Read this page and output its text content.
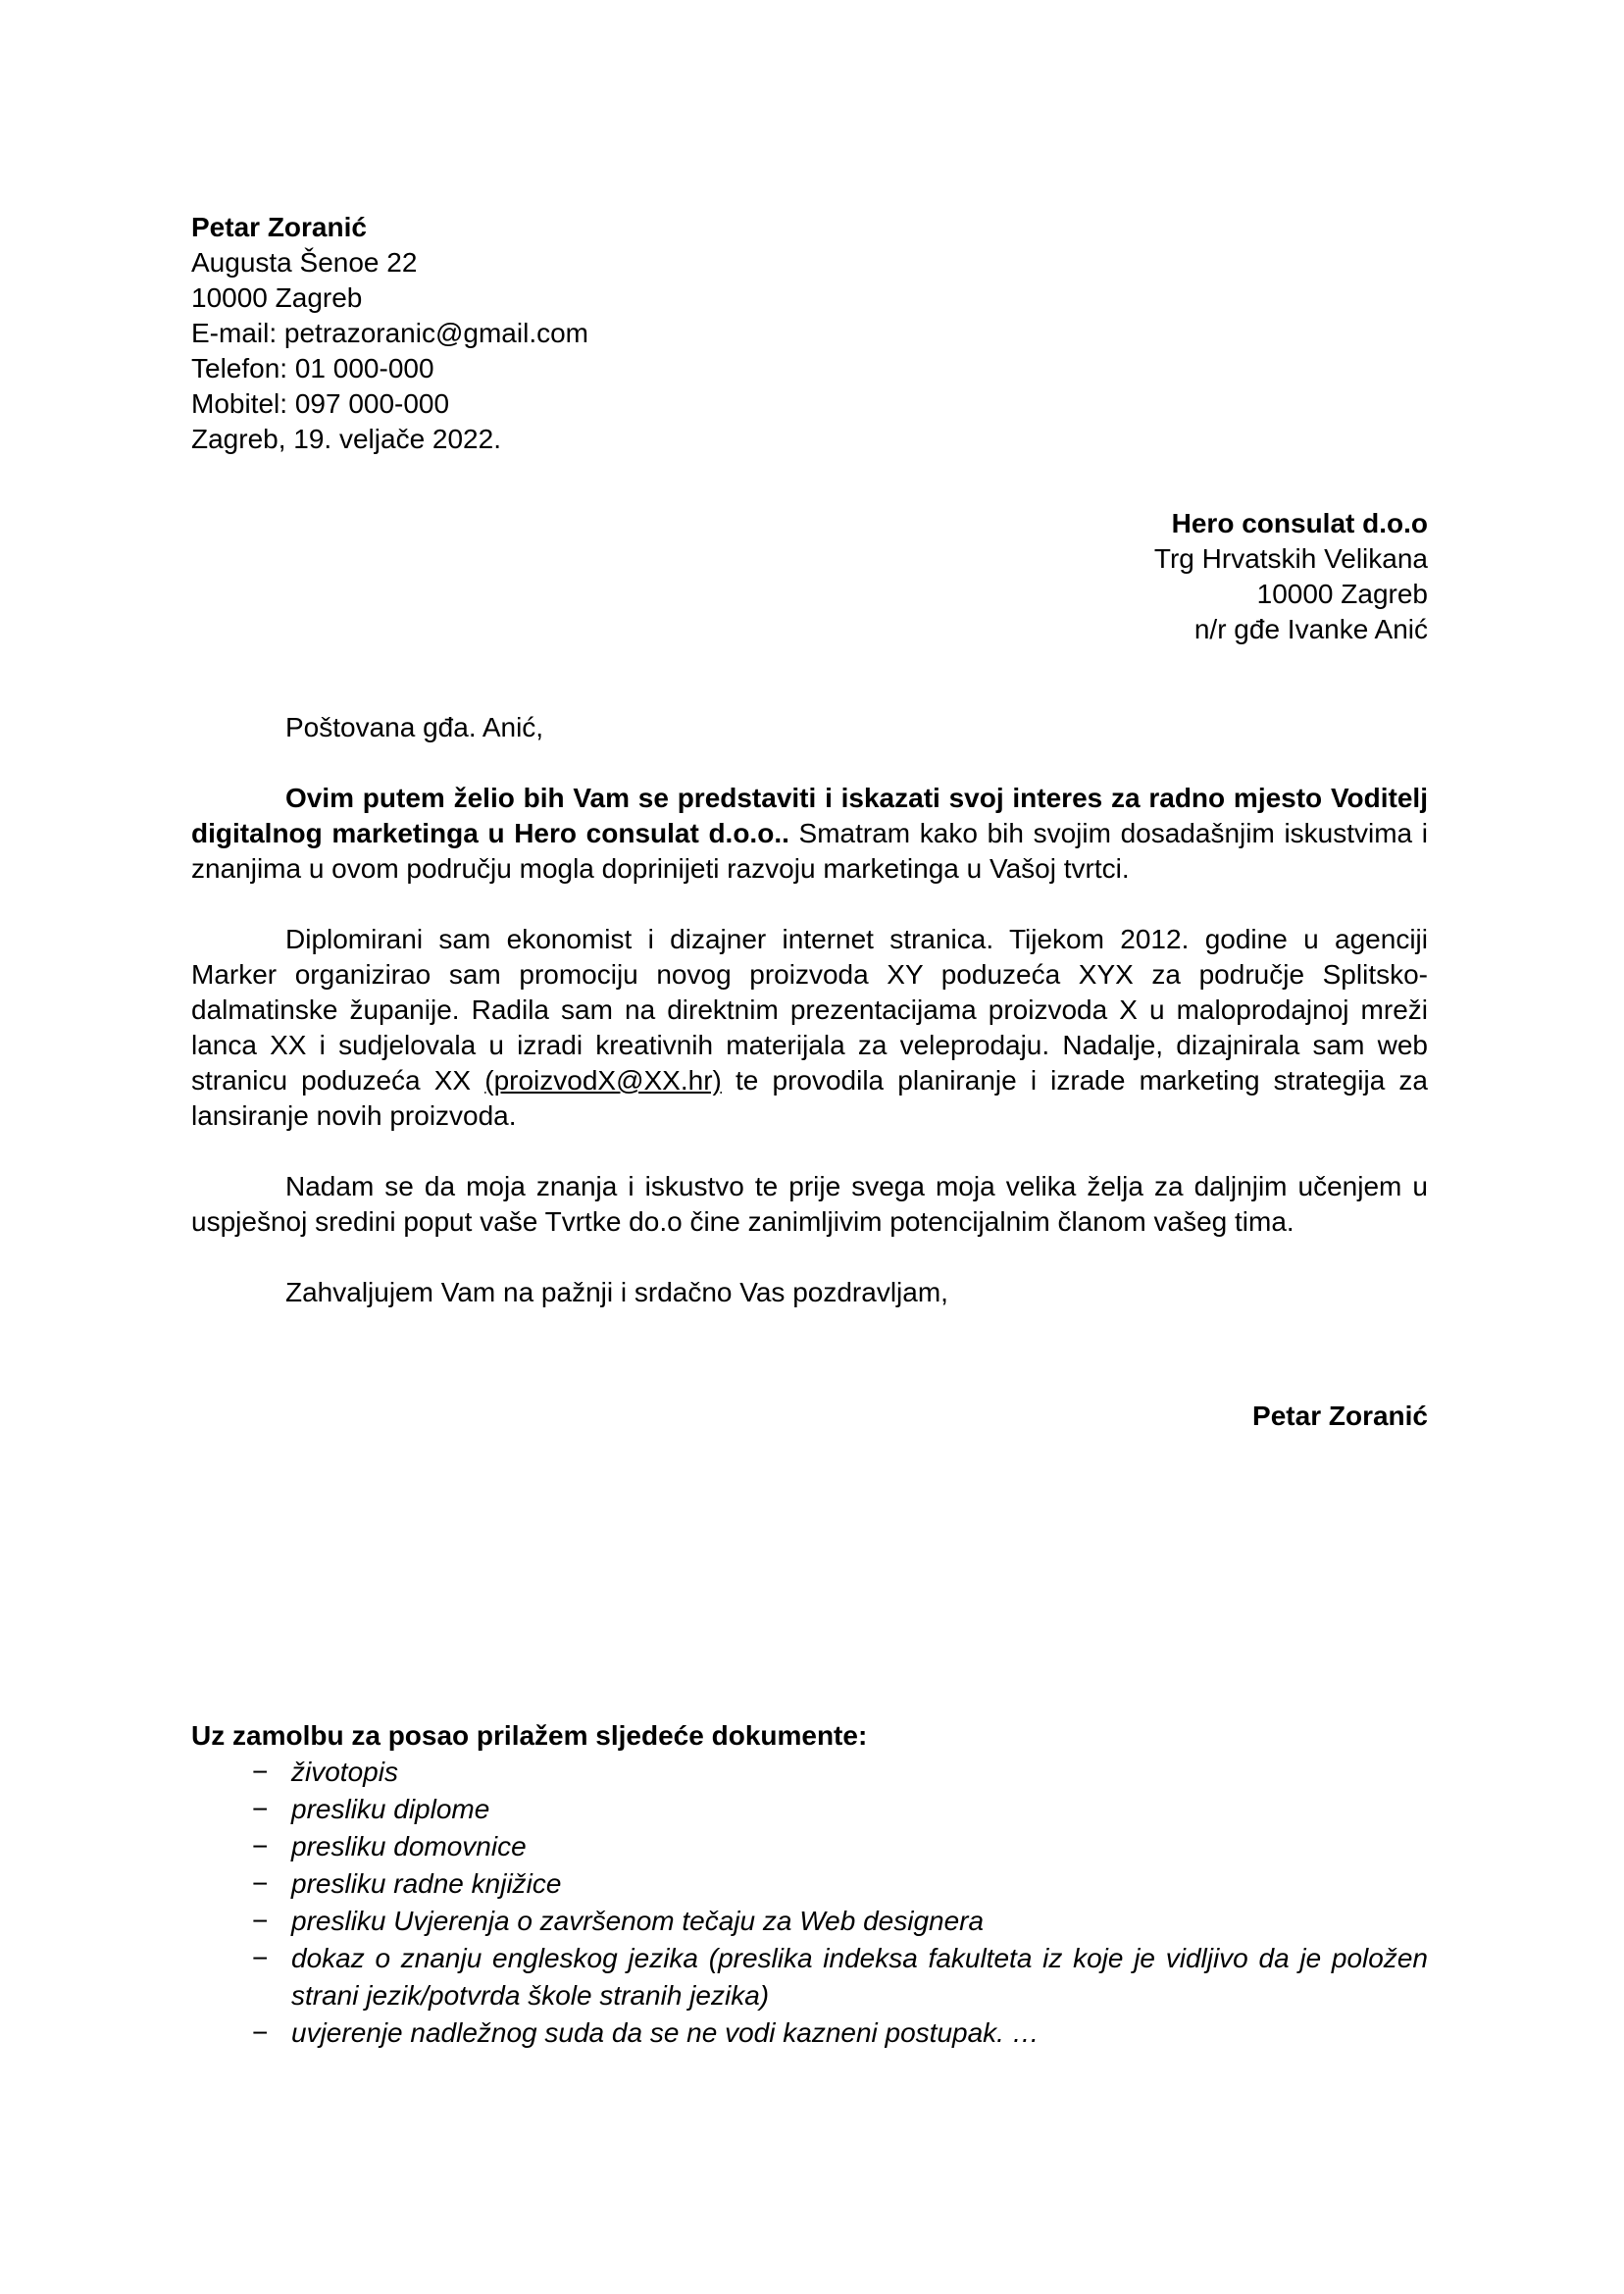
Petar Zoranić
Augusta Šenoe 22
10000 Zagreb
E-mail: petrazoranic@gmail.com
Telefon: 01 000-000
Mobitel: 097 000-000
Zagreb, 19. veljače 2022.
Hero consulat d.o.o
Trg Hrvatskih Velikana
10000 Zagreb
n/r gđe Ivanke Anić

Poštovana gđa. Anić,

Ovim putem želio bih Vam se predstaviti i iskazati svoj interes za radno mjesto Voditelj digitalnog marketinga u Hero consulat d.o.o.. Smatram kako bih svojim dosadašnjim iskustvima i znanjima u ovom području mogla doprinijeti razvoju marketinga u Vašoj tvrtci.

Diplomirani sam ekonomist i dizajner internet stranica. Tijekom 2012. godine u agenciji Marker organizirao sam promociju novog proizvoda XY poduzeća XYX za područje Splitsko-dalmatinske županije. Radila sam na direktnim prezentacijama proizvoda X u maloprodajnoj mreži lanca XX i sudjelovala u izradi kreativnih materijala za veleprodaju. Nadalje, dizajnirala sam web stranicu poduzeća XX (proizvodX@XX.hr) te provodila planiranje i izrade marketing strategija za lansiranje novih proizvoda.

Nadam se da moja znanja i iskustvo te prije svega moja velika želja za daljnjim učenjem u uspješnoj sredini poput vaše Tvrtke do.o čine zanimljivim potencijalnim članom vašeg tima.

Zahvaljujem Vam na pažnji i srdačno Vas pozdravljam,

Petar Zoranić
Uz zamolbu za posao prilažem sljedeće dokumente:
− životopis
− presliku diplome
− presliku domovnice
− presliku radne knjižice
− presliku Uvjerenja o završenom tečaju za Web designera
− dokaz o znanju engleskog jezika (preslika indeksa fakulteta iz koje je vidljivo da je položen strani jezik/potvrda škole stranih jezika)
− uvjerenje nadležnog suda da se ne vodi kazneni postupak. …
